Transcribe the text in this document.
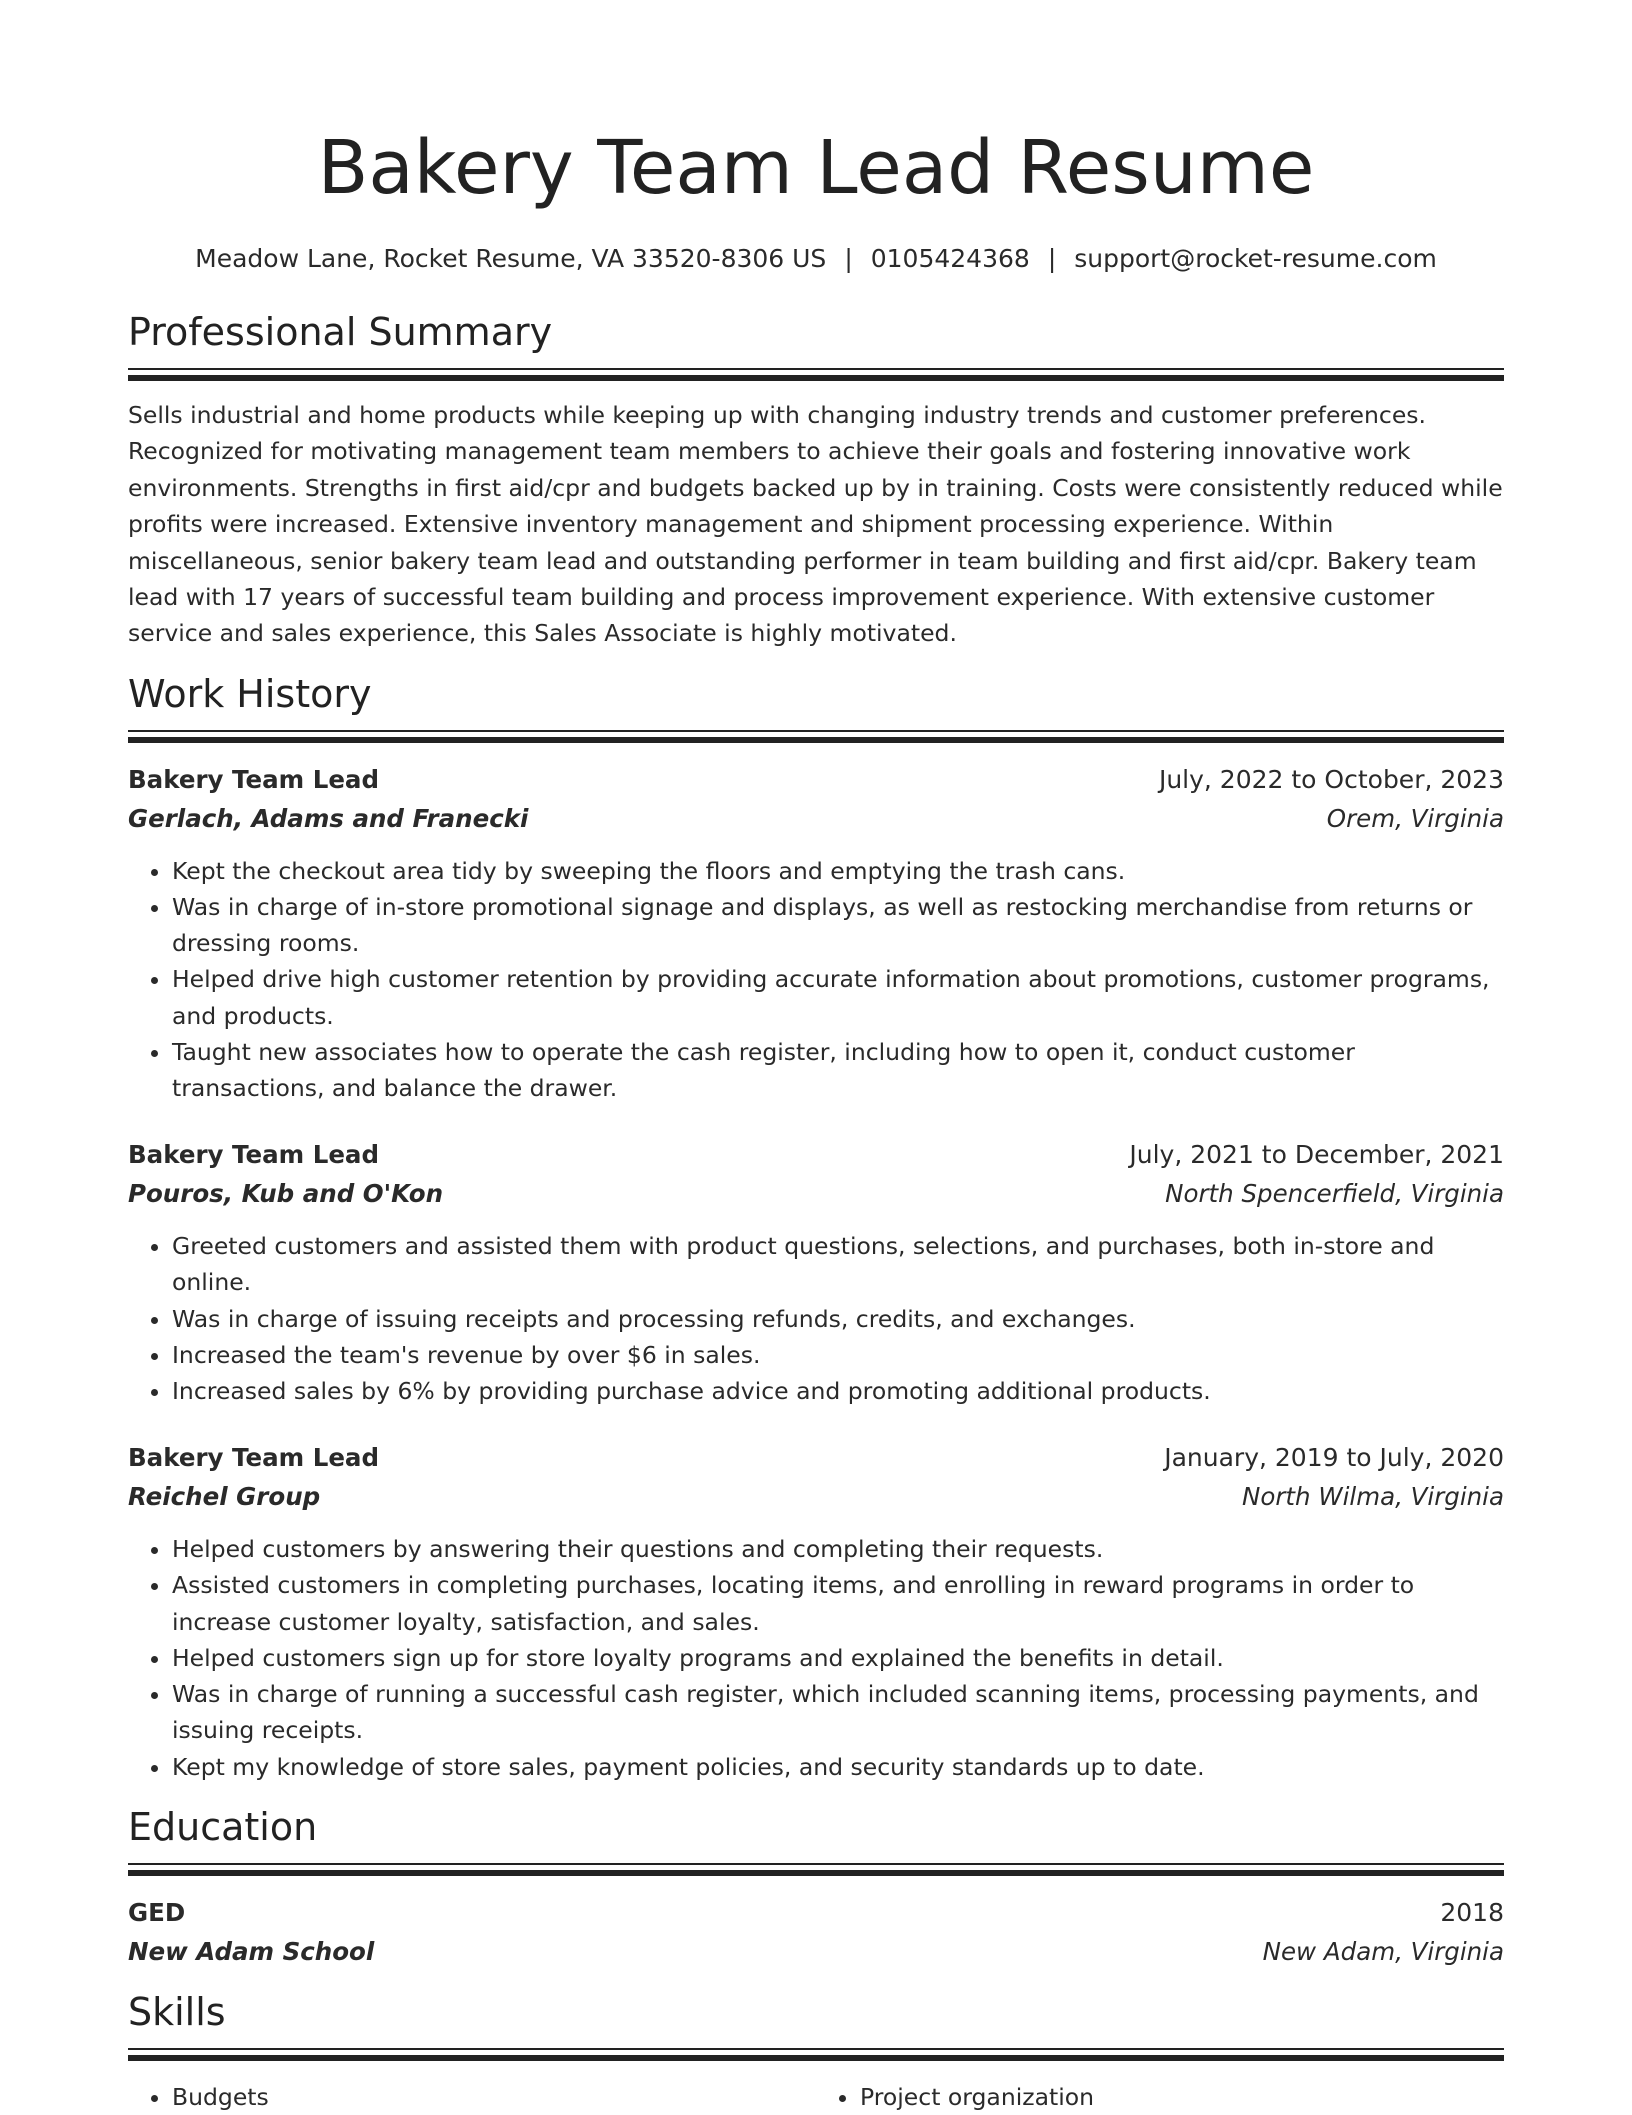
Bakery Team Lead Resume
Meadow Lane, Rocket Resume, VA 33520-8306 US | 0105424368 | support@rocket-resume.com
Professional Summary

Sells industrial and home products while keeping up with changing industry trends and customer preferences. Recognized for motivating management team members to achieve their goals and fostering innovative work environments. Strengths in first aid/cpr and budgets backed up by in training. Costs were consistently reduced while profits were increased. Extensive inventory management and shipment processing experience. Within miscellaneous, senior bakery team lead and outstanding performer in team building and first aid/cpr. Bakery team lead with 17 years of successful team building and process improvement experience. With extensive customer service and sales experience, this Sales Associate is highly motivated.

Work History
Bakery Team Lead	July, 2022 to October, 2023
Gerlach, Adams and Franecki	Orem, Virginia
• Kept the checkout area tidy by sweeping the floors and emptying the trash cans.
• Was in charge of in-store promotional signage and displays, as well as restocking merchandise from returns or dressing rooms.
• Helped drive high customer retention by providing accurate information about promotions, customer programs, and products.
• Taught new associates how to operate the cash register, including how to open it, conduct customer transactions, and balance the drawer.
Bakery Team Lead	July, 2021 to December, 2021
Pouros, Kub and O'Kon	North Spencerfield, Virginia
• Greeted customers and assisted them with product questions, selections, and purchases, both in-store and online.
• Was in charge of issuing receipts and processing refunds, credits, and exchanges.
• Increased the team's revenue by over $6 in sales.
• Increased sales by 6% by providing purchase advice and promoting additional products.
Bakery Team Lead	January, 2019 to July, 2020
Reichel Group	North Wilma, Virginia
• Helped customers by answering their questions and completing their requests.
• Assisted customers in completing purchases, locating items, and enrolling in reward programs in order to increase customer loyalty, satisfaction, and sales.
• Helped customers sign up for store loyalty programs and explained the benefits in detail.
• Was in charge of running a successful cash register, which included scanning items, processing payments, and issuing receipts.
• Kept my knowledge of store sales, payment policies, and security standards up to date.
Education
GED	2018
New Adam School	New Adam, Virginia
Skills
• Budgets
•	Project organization
